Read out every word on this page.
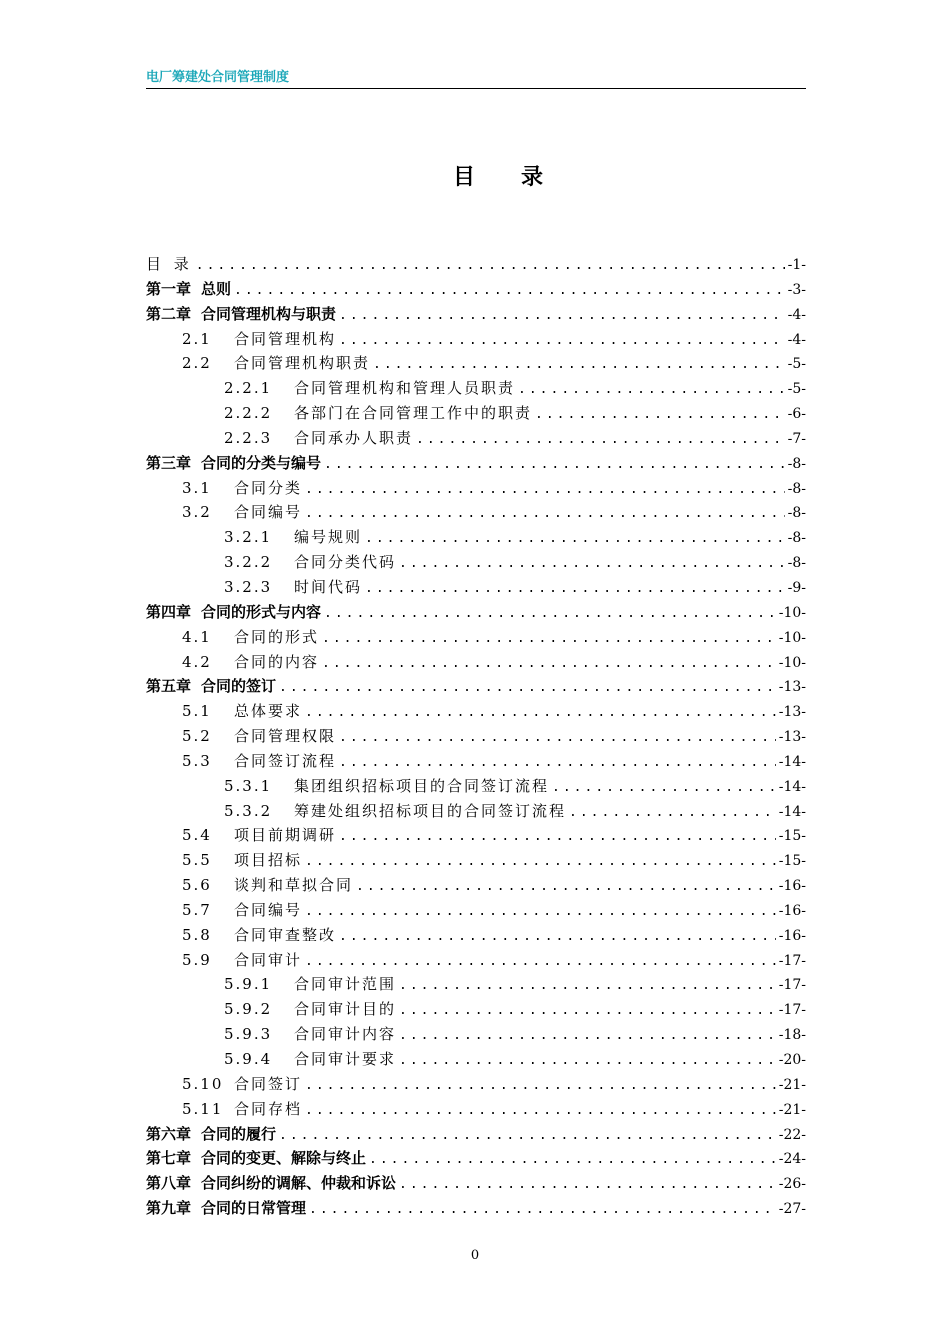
电厂筹建处合同管理制度
目录
目 录 .....	-1-
第一章 总则 .....	-3-
第二章 合同管理机构与职责 .....	-4-
2.1	合同管理机构 .....	-4-
2.2	合同管理机构职责 .....	-5-
2.2.1	合同管理机构和管理人员职责 .....	-5-
2.2.2	各部门在合同管理工作中的职责 .....	-6-
2.2.3	合同承办人职责 .....	-7-
第三章 合同的分类与编号 .....	-8-
3.1	合同分类 .....	-8-
3.2	合同编号 .....	-8-
3.2.1	编号规则 .....	-8-
3.2.2	合同分类代码 .....	-8-
3.2.3	时间代码 .....	-9-
第四章 合同的形式与内容 .....	-10-
4.1	合同的形式 .....	-10-
4.2	合同的内容 .....	-10-
第五章 合同的签订 .....	-13-
5.1	总体要求 .....	-13-
5.2	合同管理权限 .....	-13-
5.3	合同签订流程 .....	-14-
5.3.1	集团组织招标项目的合同签订流程 .....	-14-
5.3.2	筹建处组织招标项目的合同签订流程 .....	-14-
5.4	项目前期调研 .....	-15-
5.5	项目招标 .....	-15-
5.6	谈判和草拟合同 .....	-16-
5.7	合同编号 .....	-16-
5.8	合同审查整改 .....	-16-
5.9	合同审计 .....	-17-
5.9.1	合同审计范围 .....	-17-
5.9.2	合同审计目的 .....	-17-
5.9.3	合同审计内容 .....	-18-
5.9.4	合同审计要求 .....	-20-
5.10 合同签订 .....	-21-
5.11 合同存档 .....	-21-
第六章 合同的履行 .....	-22-
第七章 合同的变更、解除与终止 .....	-24-
第八章 合同纠纷的调解、仲裁和诉讼 .....	-26-
第九章 合同的日常管理 .....	-27-
0
